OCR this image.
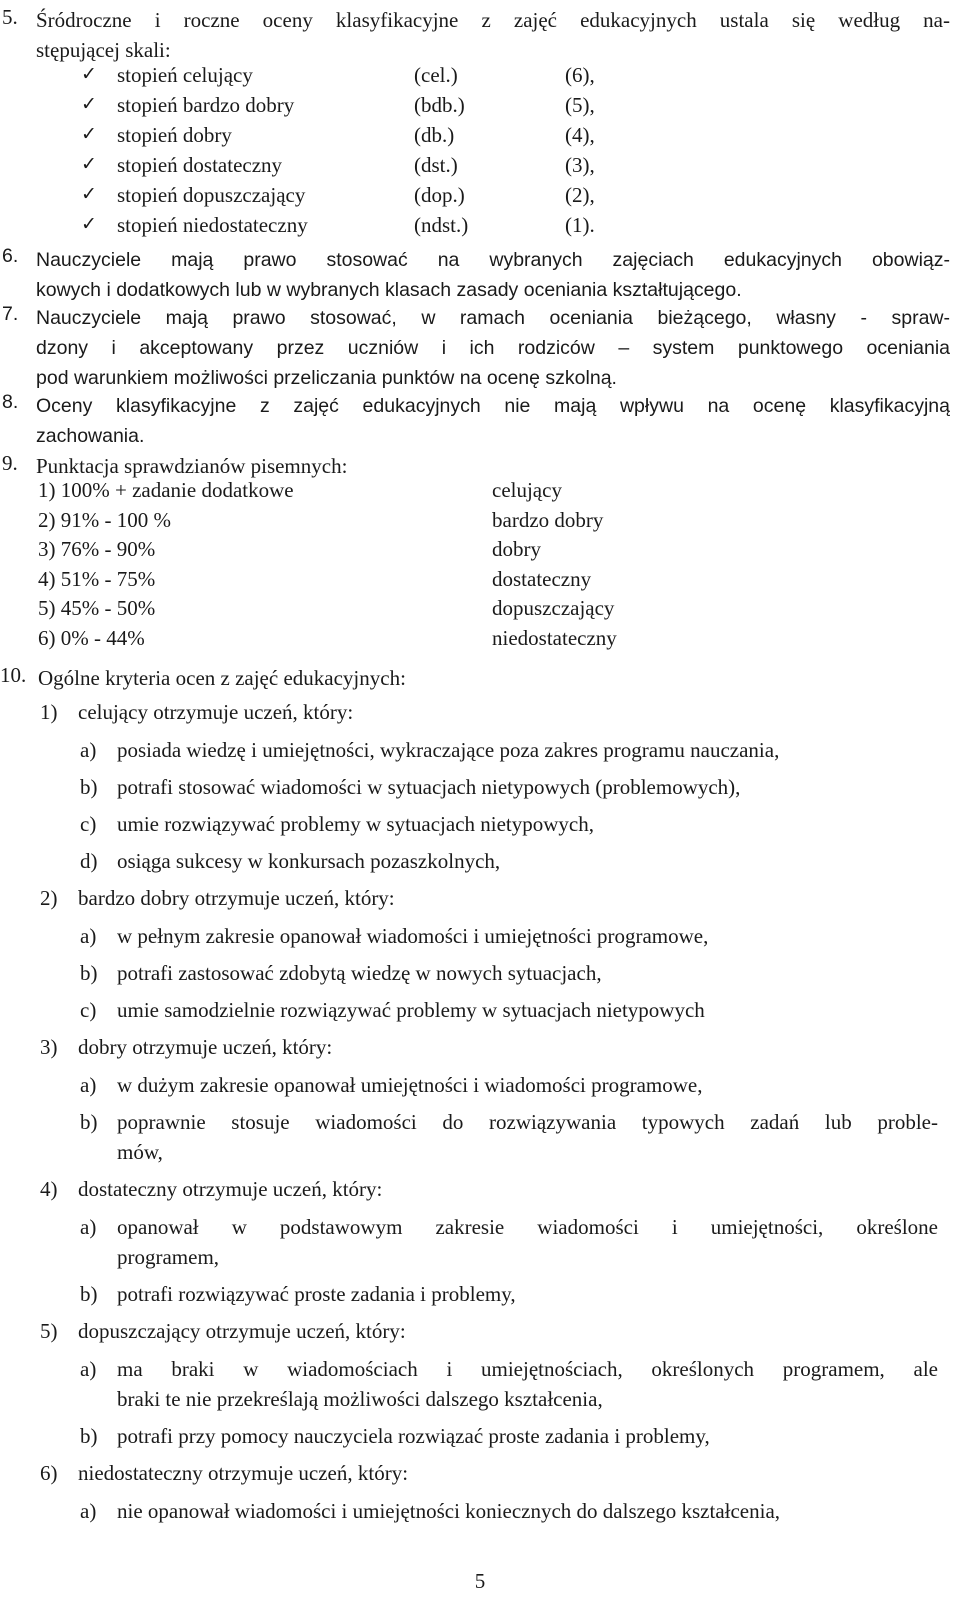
5. Śródroczne i roczne oceny klasyfikacyjne z zajęć edukacyjnych ustala się według na-
stępującej skali:
✓ stopień celujący	(cel.)	(6),
✓ stopień bardzo dobry	(bdb.)	(5),
✓ stopień dobry	(db.)	(4),
✓ stopień dostateczny	(dst.)	(3),
✓ stopień dopuszczający	(dop.)	(2),
✓ stopień niedostateczny	(ndst.)	(1).
6. Nauczyciele mają prawo stosować na wybranych zajęciach edukacyjnych obowiąz-
kowych i dodatkowych lub w wybranych klasach zasady oceniania kształtującego.
7. Nauczyciele mają prawo stosować, w ramach oceniania bieżącego, własny - spraw-
dzony i akceptowany przez uczniów i ich rodziców – system punktowego oceniania
pod warunkiem możliwości przeliczania punktów na ocenę szkolną.
8. Oceny klasyfikacyjne z zajęć edukacyjnych nie mają wpływu na ocenę klasyfikacyjną
zachowania.
9. Punktacja sprawdzianów pisemnych:
1) 100% + zadanie dodatkowe	celujący
2) 91% - 100 %	bardzo dobry
3) 76% - 90%	dobry
4) 51% - 75%	dostateczny
5) 45% - 50%	dopuszczający
6) 0% - 44%	niedostateczny
10. Ogólne kryteria ocen z zajęć edukacyjnych:
1) celujący otrzymuje uczeń, który:
a) posiada wiedzę i umiejętności, wykraczające poza zakres programu nauczania,
b) potrafi stosować wiadomości w sytuacjach nietypowych (problemowych),
c) umie rozwiązywać problemy w sytuacjach nietypowych,
d) osiąga sukcesy w konkursach pozaszkolnych,
2) bardzo dobry otrzymuje uczeń, który:
a) w pełnym zakresie opanował wiadomości i umiejętności programowe,
b) potrafi zastosować zdobytą wiedzę w nowych sytuacjach,
c) umie samodzielnie rozwiązywać problemy w sytuacjach nietypowych
3) dobry otrzymuje uczeń, który:
a) w dużym zakresie opanował umiejętności i wiadomości programowe,
b) poprawnie stosuje wiadomości do rozwiązywania typowych zadań lub proble-
mów,
4) dostateczny otrzymuje uczeń, który:
a) opanował w podstawowym zakresie wiadomości i umiejętności, określone
programem,
b) potrafi rozwiązywać proste zadania i problemy,
5) dopuszczający otrzymuje uczeń, który:
a) ma braki w wiadomościach i umiejętnościach, określonych programem, ale
braki te nie przekreślają możliwości dalszego kształcenia,
b) potrafi przy pomocy nauczyciela rozwiązać proste zadania i problemy,
6) niedostateczny otrzymuje uczeń, który:
a) nie opanował wiadomości i umiejętności koniecznych do dalszego kształcenia,
5
